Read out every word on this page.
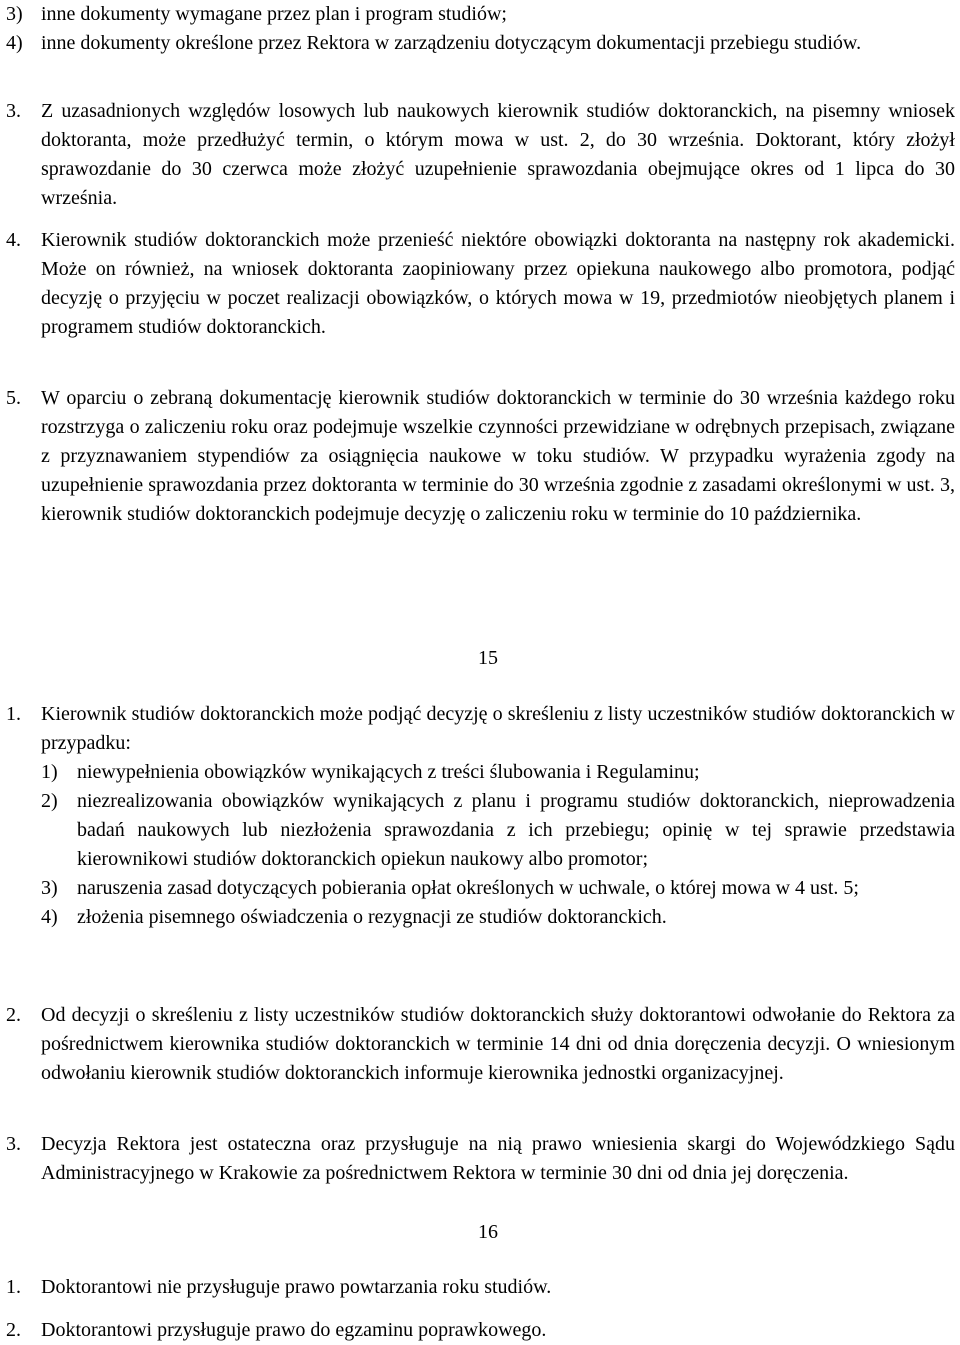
3) inne dokumenty wymagane przez plan i program studiów;
4) inne dokumenty określone przez Rektora w zarządzeniu dotyczącym dokumentacji przebiegu studiów.
3. Z uzasadnionych względów losowych lub naukowych kierownik studiów doktoranckich, na pisemny wniosek doktoranta, może przedłużyć termin, o którym mowa w ust. 2, do 30 września. Doktorant, który złożył sprawozdanie do 30 czerwca może złożyć uzupełnienie sprawozdania obejmujące okres od 1 lipca do 30 września.
4. Kierownik studiów doktoranckich może przenieść niektóre obowiązki doktoranta na następny rok akademicki. Może on również, na wniosek doktoranta zaopiniowany przez opiekuna naukowego albo promotora, podjąć decyzję o przyjęciu w poczet realizacji obowiązków, o których mowa w 19, przedmiotów nieobjętych planem i programem studiów doktoranckich.
5. W oparciu o zebraną dokumentację kierownik studiów doktoranckich w terminie do 30 września każdego roku rozstrzyga o zaliczeniu roku oraz podejmuje wszelkie czynności przewidziane w odrębnych przepisach, związane z przyznawaniem stypendiów za osiągnięcia naukowe w toku studiów. W przypadku wyrażenia zgody na uzupełnienie sprawozdania przez doktoranta w terminie do 30 września zgodnie z zasadami określonymi w ust. 3, kierownik studiów doktoranckich podejmuje decyzję o zaliczeniu roku w terminie do 10 października.
15
1. Kierownik studiów doktoranckich może podjąć decyzję o skreśleniu z listy uczestników studiów doktoranckich w przypadku:
1) niewypełnienia obowiązków wynikających z treści ślubowania i Regulaminu;
2) niezrealizowania obowiązków wynikających z planu i programu studiów doktoranckich, nieprowadzenia badań naukowych lub niezłożenia sprawozdania z ich przebiegu; opinię w tej sprawie przedstawia kierownikowi studiów doktoranckich opiekun naukowy albo promotor;
3) naruszenia zasad dotyczących pobierania opłat określonych w uchwale, o której mowa w 4 ust. 5;
4) złożenia pisemnego oświadczenia o rezygnacji ze studiów doktoranckich.
2. Od decyzji o skreśleniu z listy uczestników studiów doktoranckich służy doktorantowi odwołanie do Rektora za pośrednictwem kierownika studiów doktoranckich w terminie 14 dni od dnia doręczenia decyzji. O wniesionym odwołaniu kierownik studiów doktoranckich informuje kierownika jednostki organizacyjnej.
3. Decyzja Rektora jest ostateczna oraz przysługuje na nią prawo wniesienia skargi do Wojewódzkiego Sądu Administracyjnego w Krakowie za pośrednictwem Rektora w terminie 30 dni od dnia jej doręczenia.
16
1. Doktorantowi nie przysługuje prawo powtarzania roku studiów.
2. Doktorantowi przysługuje prawo do egzaminu poprawkowego.
